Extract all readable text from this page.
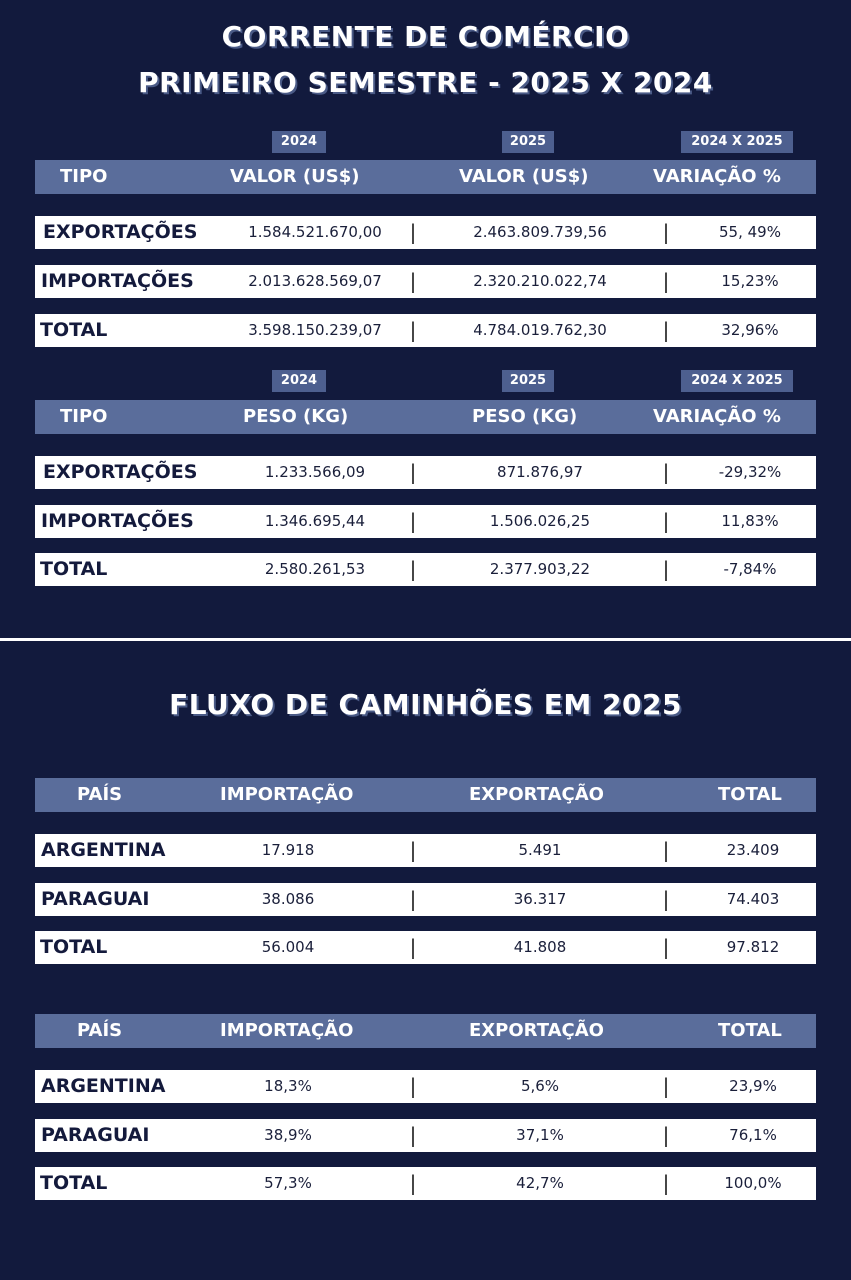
CORRENTE DE COMÉRCIO
PRIMEIRO SEMESTRE - 2025 X 2024
2024	2025	2024 X 2025
TIPO	VALOR (US$)	VALOR (US$)	VARIAÇÃO %
EXPORTAÇÕES	1.584.521.670,00	|	2.463.809.739,56	|	55, 49%
IMPORTAÇÕES	2.013.628.569,07	|	2.320.210.022,74	|	15,23%
TOTAL	3.598.150.239,07	|	4.784.019.762,30	|	32,96%
2024	2025	2024 X 2025
TIPO	PESO (KG)	PESO (KG)	VARIAÇÃO %
EXPORTAÇÕES	1.233.566,09	|	871.876,97	|	-29,32%
IMPORTAÇÕES	1.346.695,44	|	1.506.026,25	|	11,83%
TOTAL	2.580.261,53	|	2.377.903,22	|	-7,84%
FLUXO DE CAMINHÕES EM 2025
PAÍS	IMPORTAÇÃO	EXPORTAÇÃO	TOTAL
ARGENTINA	17.918	|	5.491	|	23.409
PARAGUAI	38.086	|	36.317	|	74.403
TOTAL	56.004	|	41.808	|	97.812
PAÍS	IMPORTAÇÃO	EXPORTAÇÃO	TOTAL
ARGENTINA	18,3%	|	5,6%	|	23,9%
PARAGUAI	38,9%	|	37,1%	|	76,1%
TOTAL	57,3%	|	42,7%	|	100,0%
